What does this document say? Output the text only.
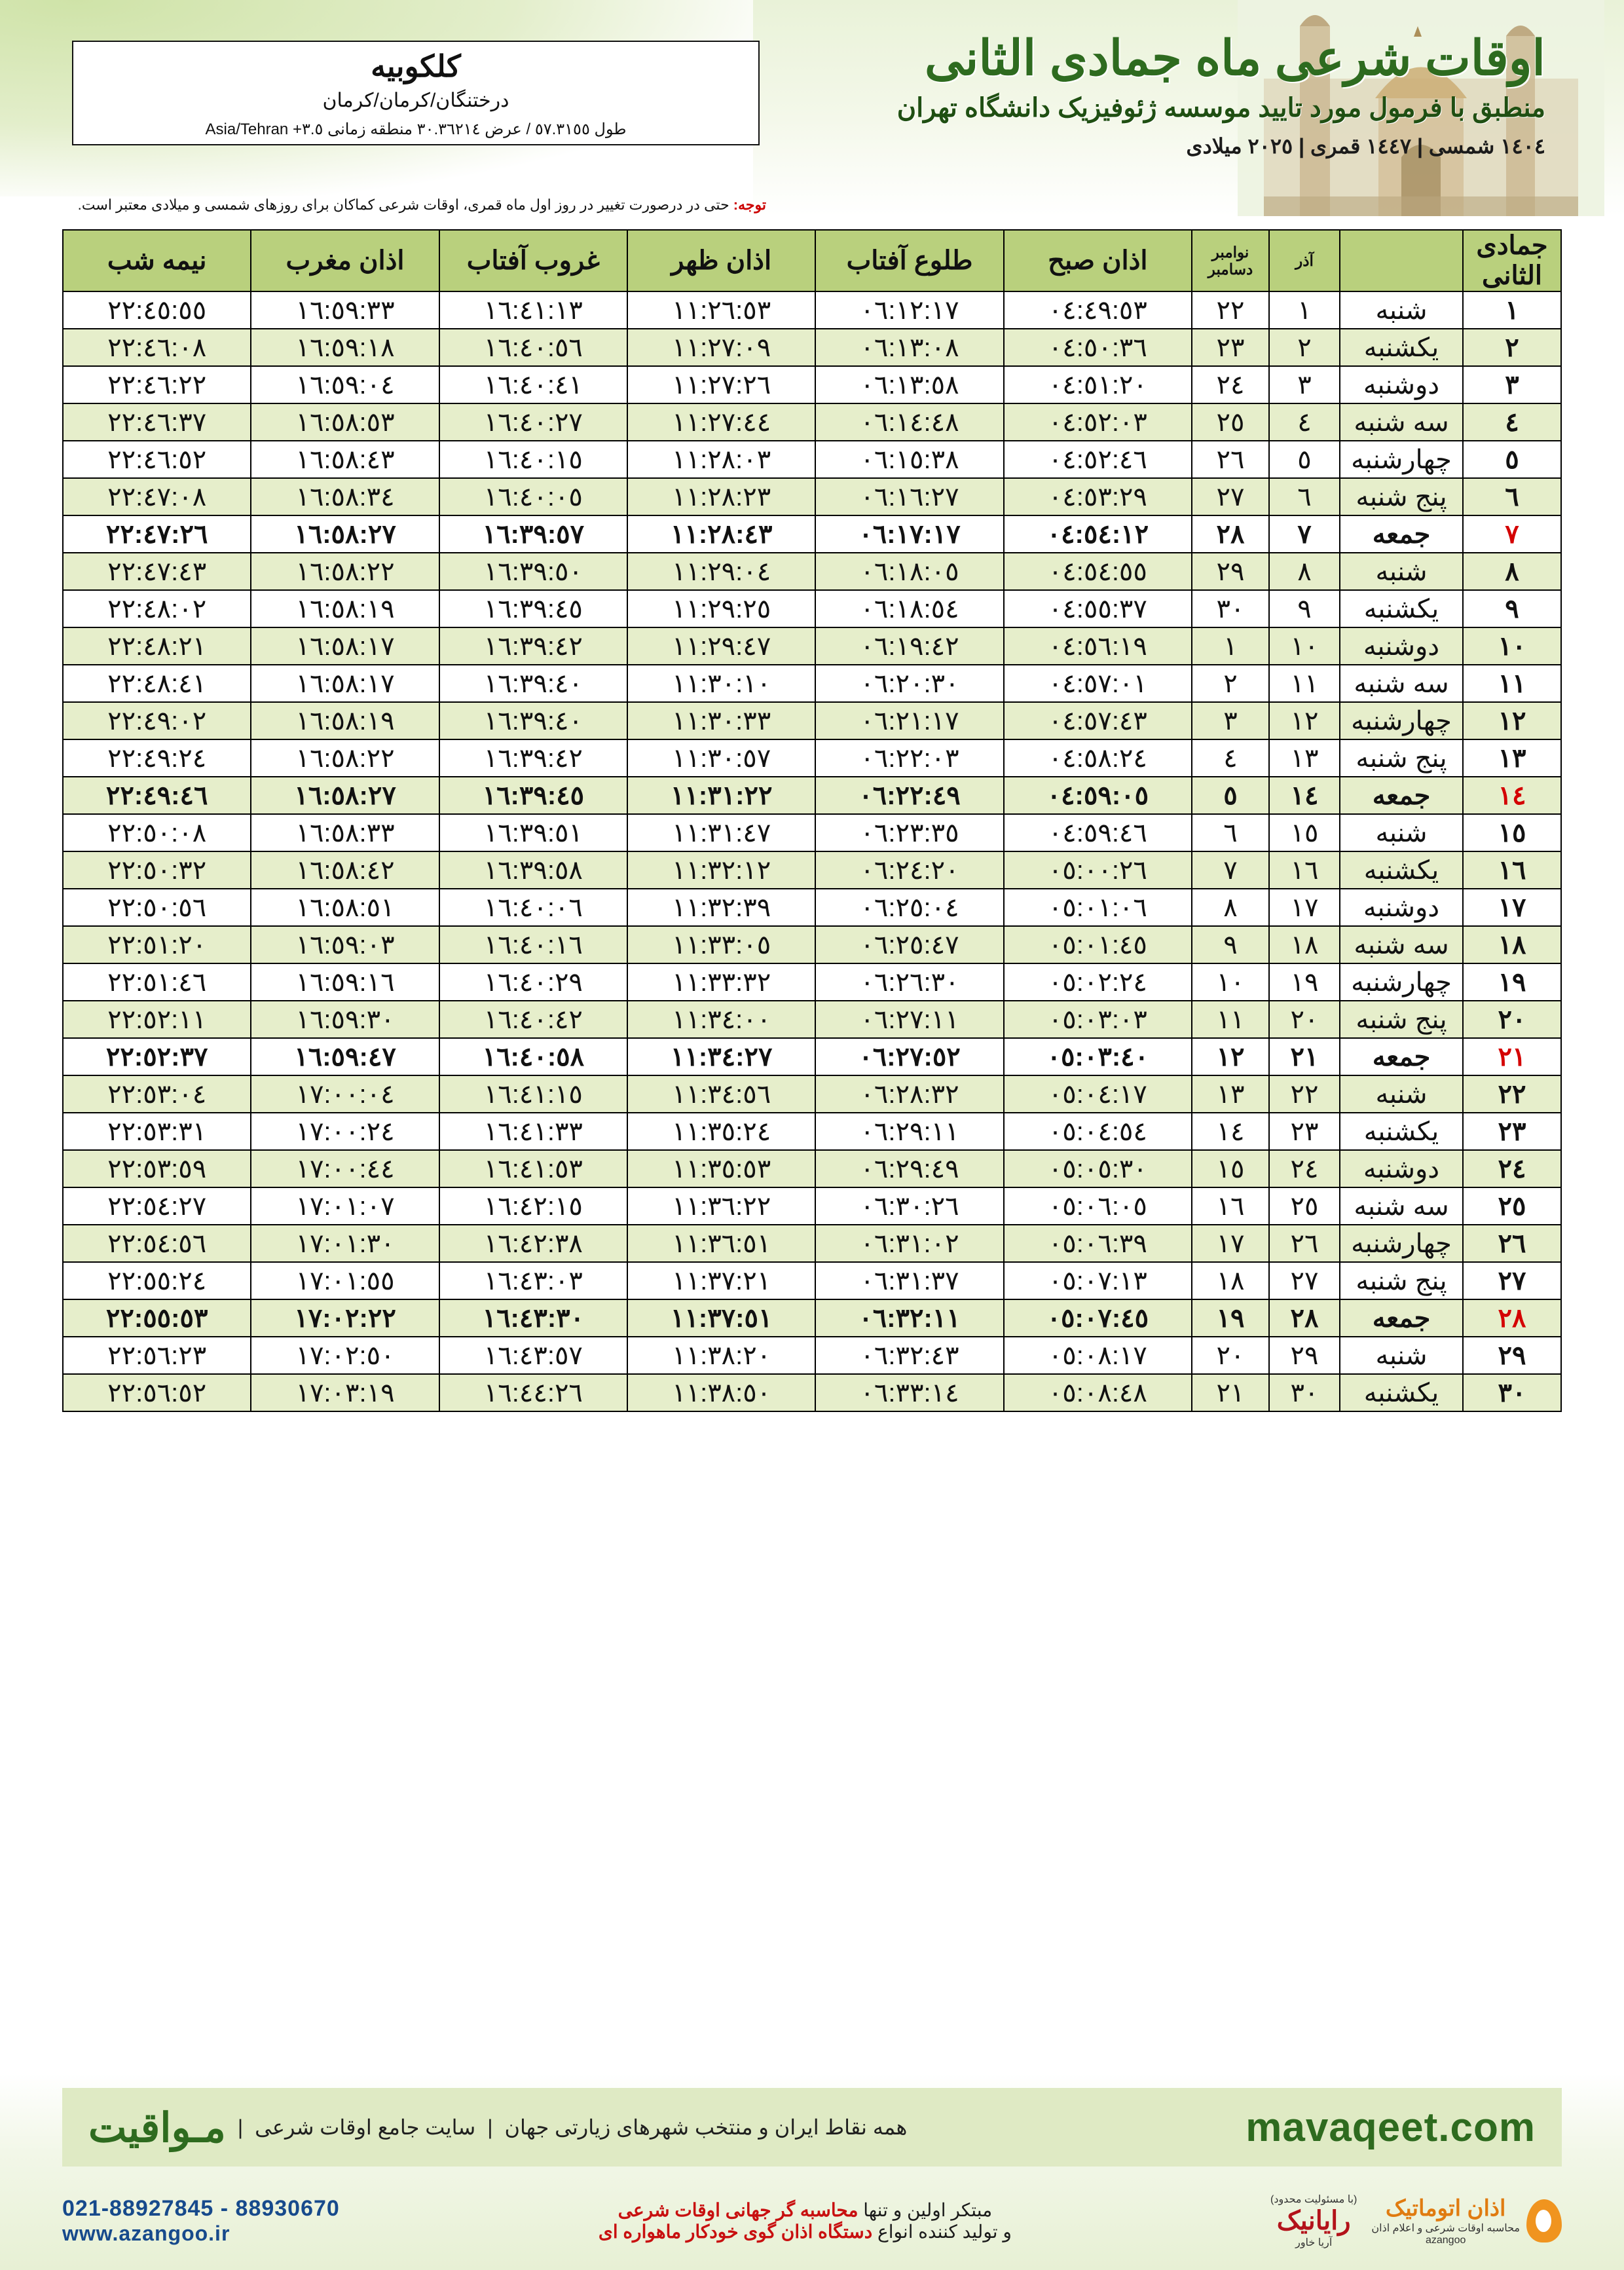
کلکوبیه
درختنگان/کرمان/کرمان
طول ٥٧.٣١٥٥ / عرض ٣٠.٣٦٢١٤ منطقه زمانی ٣.٥+ Asia/Tehran
اوقات شرعی ماه جمادی الثانی
منطبق با فرمول مورد تایید موسسه ژئوفیزیک دانشگاه تهران
١٤٠٤ شمسی | ١٤٤٧ قمری | ٢٠٢٥ میلادی
توجه: حتی در درصورت تغییر در روز اول ماه قمری، اوقات شرعی کماکان برای روزهای شمسی و میلادی معتبر است.
جمادی الثانی		آذر	نوامبر
دسامبر	اذان صبح	طلوع آفتاب	اذان ظهر	غروب آفتاب	اذان مغرب	نیمه شب
١	شنبه	١	٢٢	٠٤:٤٩:٥٣	٠٦:١٢:١٧	١١:٢٦:٥٣	١٦:٤١:١٣	١٦:٥٩:٣٣	٢٢:٤٥:٥٥
٢	یکشنبه	٢	٢٣	٠٤:٥٠:٣٦	٠٦:١٣:٠٨	١١:٢٧:٠٩	١٦:٤٠:٥٦	١٦:٥٩:١٨	٢٢:٤٦:٠٨
٣	دوشنبه	٣	٢٤	٠٤:٥١:٢٠	٠٦:١٣:٥٨	١١:٢٧:٢٦	١٦:٤٠:٤١	١٦:٥٩:٠٤	٢٢:٤٦:٢٢
٤	سه شنبه	٤	٢٥	٠٤:٥٢:٠٣	٠٦:١٤:٤٨	١١:٢٧:٤٤	١٦:٤٠:٢٧	١٦:٥٨:٥٣	٢٢:٤٦:٣٧
٥	چهارشنبه	٥	٢٦	٠٤:٥٢:٤٦	٠٦:١٥:٣٨	١١:٢٨:٠٣	١٦:٤٠:١٥	١٦:٥٨:٤٣	٢٢:٤٦:٥٢
٦	پنج شنبه	٦	٢٧	٠٤:٥٣:٢٩	٠٦:١٦:٢٧	١١:٢٨:٢٣	١٦:٤٠:٠٥	١٦:٥٨:٣٤	٢٢:٤٧:٠٨
٧	جمعه	٧	٢٨	٠٤:٥٤:١٢	٠٦:١٧:١٧	١١:٢٨:٤٣	١٦:٣٩:٥٧	١٦:٥٨:٢٧	٢٢:٤٧:٢٦
٨	شنبه	٨	٢٩	٠٤:٥٤:٥٥	٠٦:١٨:٠٥	١١:٢٩:٠٤	١٦:٣٩:٥٠	١٦:٥٨:٢٢	٢٢:٤٧:٤٣
٩	یکشنبه	٩	٣٠	٠٤:٥٥:٣٧	٠٦:١٨:٥٤	١١:٢٩:٢٥	١٦:٣٩:٤٥	١٦:٥٨:١٩	٢٢:٤٨:٠٢
١٠	دوشنبه	١٠	١	٠٤:٥٦:١٩	٠٦:١٩:٤٢	١١:٢٩:٤٧	١٦:٣٩:٤٢	١٦:٥٨:١٧	٢٢:٤٨:٢١
١١	سه شنبه	١١	٢	٠٤:٥٧:٠١	٠٦:٢٠:٣٠	١١:٣٠:١٠	١٦:٣٩:٤٠	١٦:٥٨:١٧	٢٢:٤٨:٤١
١٢	چهارشنبه	١٢	٣	٠٤:٥٧:٤٣	٠٦:٢١:١٧	١١:٣٠:٣٣	١٦:٣٩:٤٠	١٦:٥٨:١٩	٢٢:٤٩:٠٢
١٣	پنج شنبه	١٣	٤	٠٤:٥٨:٢٤	٠٦:٢٢:٠٣	١١:٣٠:٥٧	١٦:٣٩:٤٢	١٦:٥٨:٢٢	٢٢:٤٩:٢٤
١٤	جمعه	١٤	٥	٠٤:٥٩:٠٥	٠٦:٢٢:٤٩	١١:٣١:٢٢	١٦:٣٩:٤٥	١٦:٥٨:٢٧	٢٢:٤٩:٤٦
١٥	شنبه	١٥	٦	٠٤:٥٩:٤٦	٠٦:٢٣:٣٥	١١:٣١:٤٧	١٦:٣٩:٥١	١٦:٥٨:٣٣	٢٢:٥٠:٠٨
١٦	یکشنبه	١٦	٧	٠٥:٠٠:٢٦	٠٦:٢٤:٢٠	١١:٣٢:١٢	١٦:٣٩:٥٨	١٦:٥٨:٤٢	٢٢:٥٠:٣٢
١٧	دوشنبه	١٧	٨	٠٥:٠١:٠٦	٠٦:٢٥:٠٤	١١:٣٢:٣٩	١٦:٤٠:٠٦	١٦:٥٨:٥١	٢٢:٥٠:٥٦
١٨	سه شنبه	١٨	٩	٠٥:٠١:٤٥	٠٦:٢٥:٤٧	١١:٣٣:٠٥	١٦:٤٠:١٦	١٦:٥٩:٠٣	٢٢:٥١:٢٠
١٩	چهارشنبه	١٩	١٠	٠٥:٠٢:٢٤	٠٦:٢٦:٣٠	١١:٣٣:٣٢	١٦:٤٠:٢٩	١٦:٥٩:١٦	٢٢:٥١:٤٦
٢٠	پنج شنبه	٢٠	١١	٠٥:٠٣:٠٣	٠٦:٢٧:١١	١١:٣٤:٠٠	١٦:٤٠:٤٢	١٦:٥٩:٣٠	٢٢:٥٢:١١
٢١	جمعه	٢١	١٢	٠٥:٠٣:٤٠	٠٦:٢٧:٥٢	١١:٣٤:٢٧	١٦:٤٠:٥٨	١٦:٥٩:٤٧	٢٢:٥٢:٣٧
٢٢	شنبه	٢٢	١٣	٠٥:٠٤:١٧	٠٦:٢٨:٣٢	١١:٣٤:٥٦	١٦:٤١:١٥	١٧:٠٠:٠٤	٢٢:٥٣:٠٤
٢٣	یکشنبه	٢٣	١٤	٠٥:٠٤:٥٤	٠٦:٢٩:١١	١١:٣٥:٢٤	١٦:٤١:٣٣	١٧:٠٠:٢٤	٢٢:٥٣:٣١
٢٤	دوشنبه	٢٤	١٥	٠٥:٠٥:٣٠	٠٦:٢٩:٤٩	١١:٣٥:٥٣	١٦:٤١:٥٣	١٧:٠٠:٤٤	٢٢:٥٣:٥٩
٢٥	سه شنبه	٢٥	١٦	٠٥:٠٦:٠٥	٠٦:٣٠:٢٦	١١:٣٦:٢٢	١٦:٤٢:١٥	١٧:٠١:٠٧	٢٢:٥٤:٢٧
٢٦	چهارشنبه	٢٦	١٧	٠٥:٠٦:٣٩	٠٦:٣١:٠٢	١١:٣٦:٥١	١٦:٤٢:٣٨	١٧:٠١:٣٠	٢٢:٥٤:٥٦
٢٧	پنج شنبه	٢٧	١٨	٠٥:٠٧:١٣	٠٦:٣١:٣٧	١١:٣٧:٢١	١٦:٤٣:٠٣	١٧:٠١:٥٥	٢٢:٥٥:٢٤
٢٨	جمعه	٢٨	١٩	٠٥:٠٧:٤٥	٠٦:٣٢:١١	١١:٣٧:٥١	١٦:٤٣:٣٠	١٧:٠٢:٢٢	٢٢:٥٥:٥٣
٢٩	شنبه	٢٩	٢٠	٠٥:٠٨:١٧	٠٦:٣٢:٤٣	١١:٣٨:٢٠	١٦:٤٣:٥٧	١٧:٠٢:٥٠	٢٢:٥٦:٢٣
٣٠	یکشنبه	٣٠	٢١	٠٥:٠٨:٤٨	٠٦:٣٣:١٤	١١:٣٨:٥٠	١٦:٤٤:٢٦	١٧:٠٣:١٩	٢٢:٥٦:٥٢
mavaqeet.com
همه نقاط ایران و منتخب شهرهای زیارتی جهان
|
سایت جامع اوقات شرعی
|
مـواقیت
اذان اتوماتیک
محاسبه اوقات شرعی و اعلام اذان
azangoo
(با مسئولیت محدود)
رایانیک
آریا خاور
مبتکر اولین و تنها محاسبه گر جهانی اوقات شرعی
و تولید کننده انواع دستگاه اذان گوی خودکار ماهواره ای
021-88927845 - 88930670
www.azangoo.ir
